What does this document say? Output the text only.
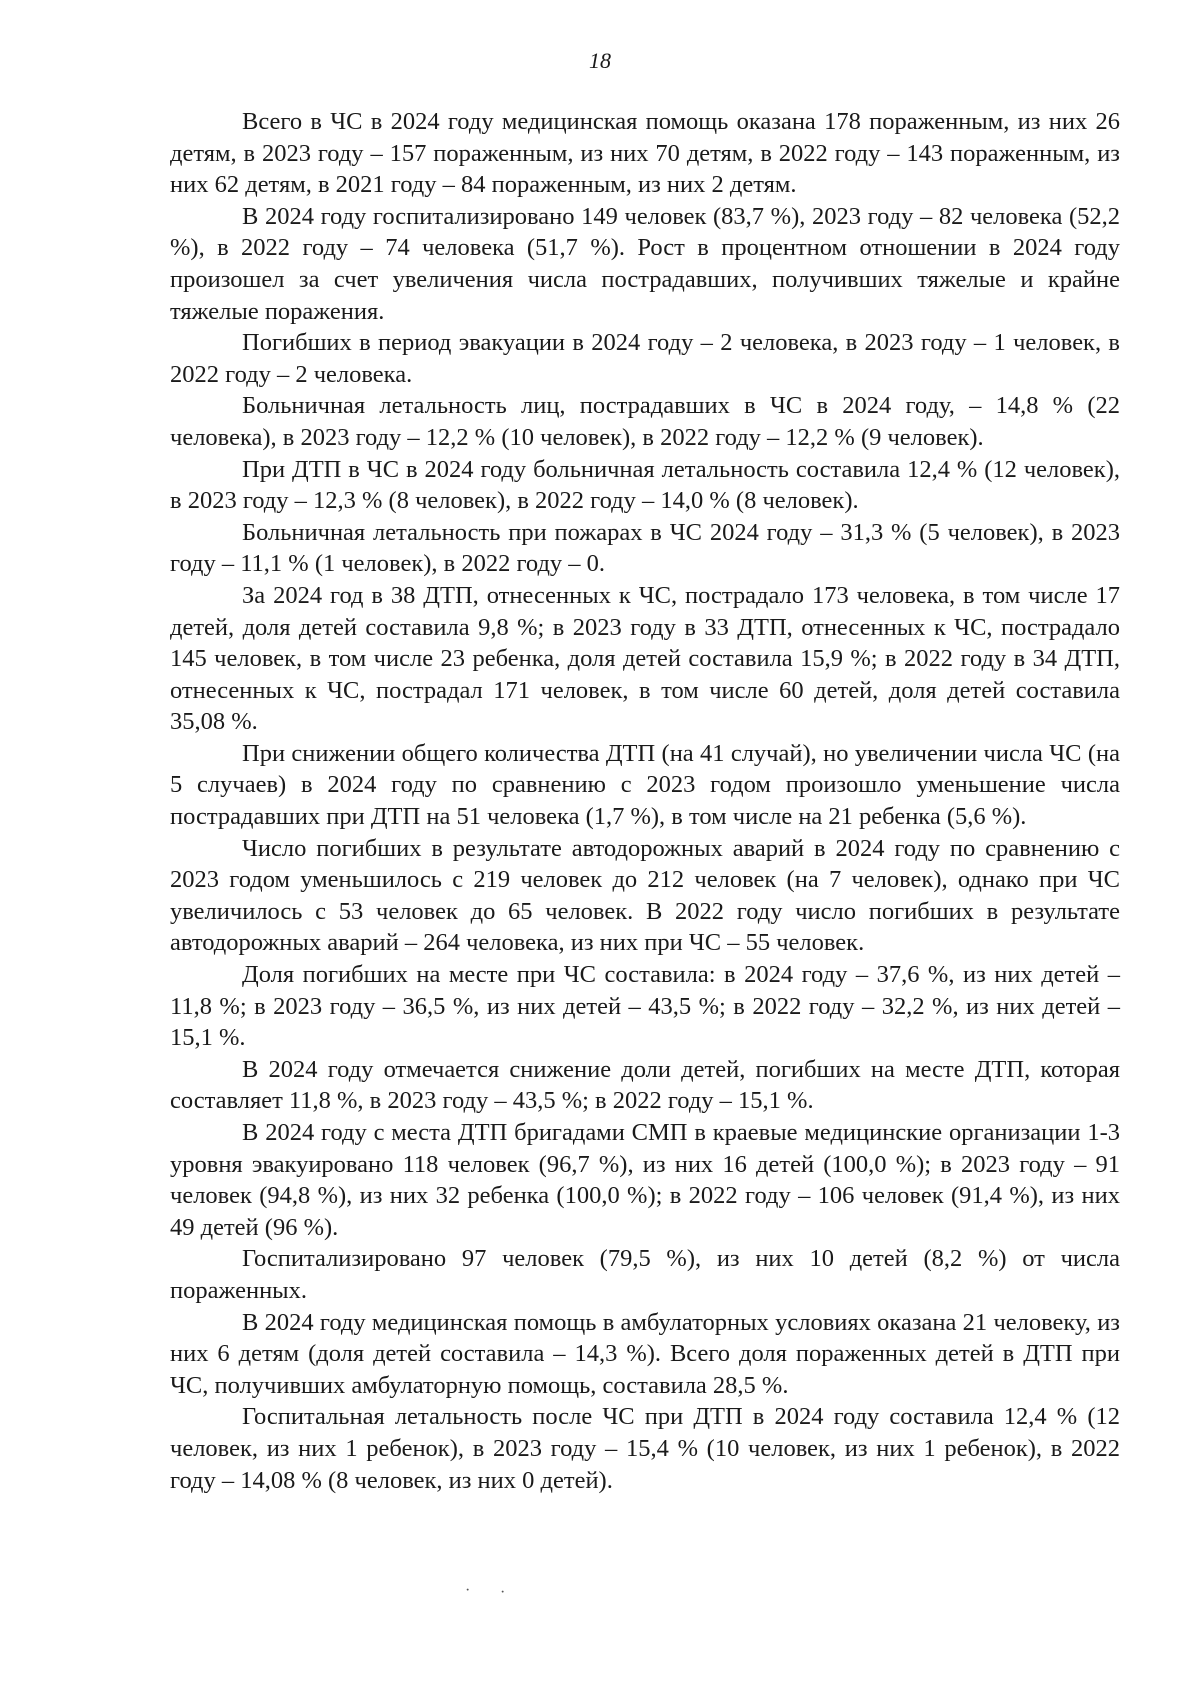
18

Всего в ЧС в 2024 году медицинская помощь оказана 178 пораженным, из них 26 детям, в 2023 году – 157 пораженным, из них 70 детям, в 2022 году – 143 пораженным, из них 62 детям, в 2021 году – 84 пораженным, из них 2 детям.

В 2024 году госпитализировано 149 человек (83,7 %), 2023 году – 82 человека (52,2 %), в 2022 году – 74 человека (51,7 %). Рост в процентном отношении в 2024 году произошел за счет увеличения числа пострадавших, получивших тяжелые и крайне тяжелые поражения.

Погибших в период эвакуации в 2024 году – 2 человека, в 2023 году – 1 человек, в 2022 году – 2 человека.

Больничная летальность лиц, пострадавших в ЧС в 2024 году, – 14,8 % (22 человека), в 2023 году – 12,2 % (10 человек), в 2022 году – 12,2 % (9 человек).

При ДТП в ЧС в 2024 году больничная летальность составила 12,4 % (12 человек), в 2023 году – 12,3 % (8 человек), в 2022 году – 14,0 % (8 человек).

Больничная летальность при пожарах в ЧС 2024 году – 31,3 % (5 человек), в 2023 году – 11,1 % (1 человек), в 2022 году – 0.

За 2024 год в 38 ДТП, отнесенных к ЧС, пострадало 173 человека, в том числе 17 детей, доля детей составила 9,8 %; в 2023 году в 33 ДТП, отнесенных к ЧС, пострадало 145 человек, в том числе 23 ребенка, доля детей составила 15,9 %; в 2022 году в 34 ДТП, отнесенных к ЧС, пострадал 171 человек, в том числе 60 детей, доля детей составила 35,08 %.

При снижении общего количества ДТП (на 41 случай), но увеличении числа ЧС (на 5 случаев) в 2024 году по сравнению с 2023 годом произошло уменьшение числа пострадавших при ДТП на 51 человека (1,7 %), в том числе на 21 ребенка (5,6 %).

Число погибших в результате автодорожных аварий в 2024 году по сравнению с 2023 годом уменьшилось с 219 человек до 212 человек (на 7 человек), однако при ЧС увеличилось с 53 человек до 65 человек. В 2022 году число погибших в результате автодорожных аварий – 264 человека, из них при ЧС – 55 человек.

Доля погибших на месте при ЧС составила: в 2024 году – 37,6 %, из них детей – 11,8 %; в 2023 году – 36,5 %, из них детей – 43,5 %; в 2022 году – 32,2 %, из них детей – 15,1 %.

В 2024 году отмечается снижение доли детей, погибших на месте ДТП, которая составляет 11,8 %, в 2023 году – 43,5 %; в 2022 году – 15,1 %.

В 2024 году с места ДТП бригадами СМП в краевые медицинские организации 1-3 уровня эвакуировано 118 человек (96,7 %), из них 16 детей (100,0 %); в 2023 году – 91 человек (94,8 %), из них 32 ребенка (100,0 %); в 2022 году – 106 человек (91,4 %), из них 49 детей (96 %).

Госпитализировано 97 человек (79,5 %), из них 10 детей (8,2 %) от числа пораженных.

В 2024 году медицинская помощь в амбулаторных условиях оказана 21 человеку, из них 6 детям (доля детей составила – 14,3 %). Всего доля пораженных детей в ДТП при ЧС, получивших амбулаторную помощь, составила 28,5 %.

Госпитальная летальность после ЧС при ДТП в 2024 году составила 12,4 % (12 человек, из них 1 ребенок), в 2023 году – 15,4 % (10 человек, из них 1 ребенок), в 2022 году – 14,08 % (8 человек, из них 0 детей).

· ·
